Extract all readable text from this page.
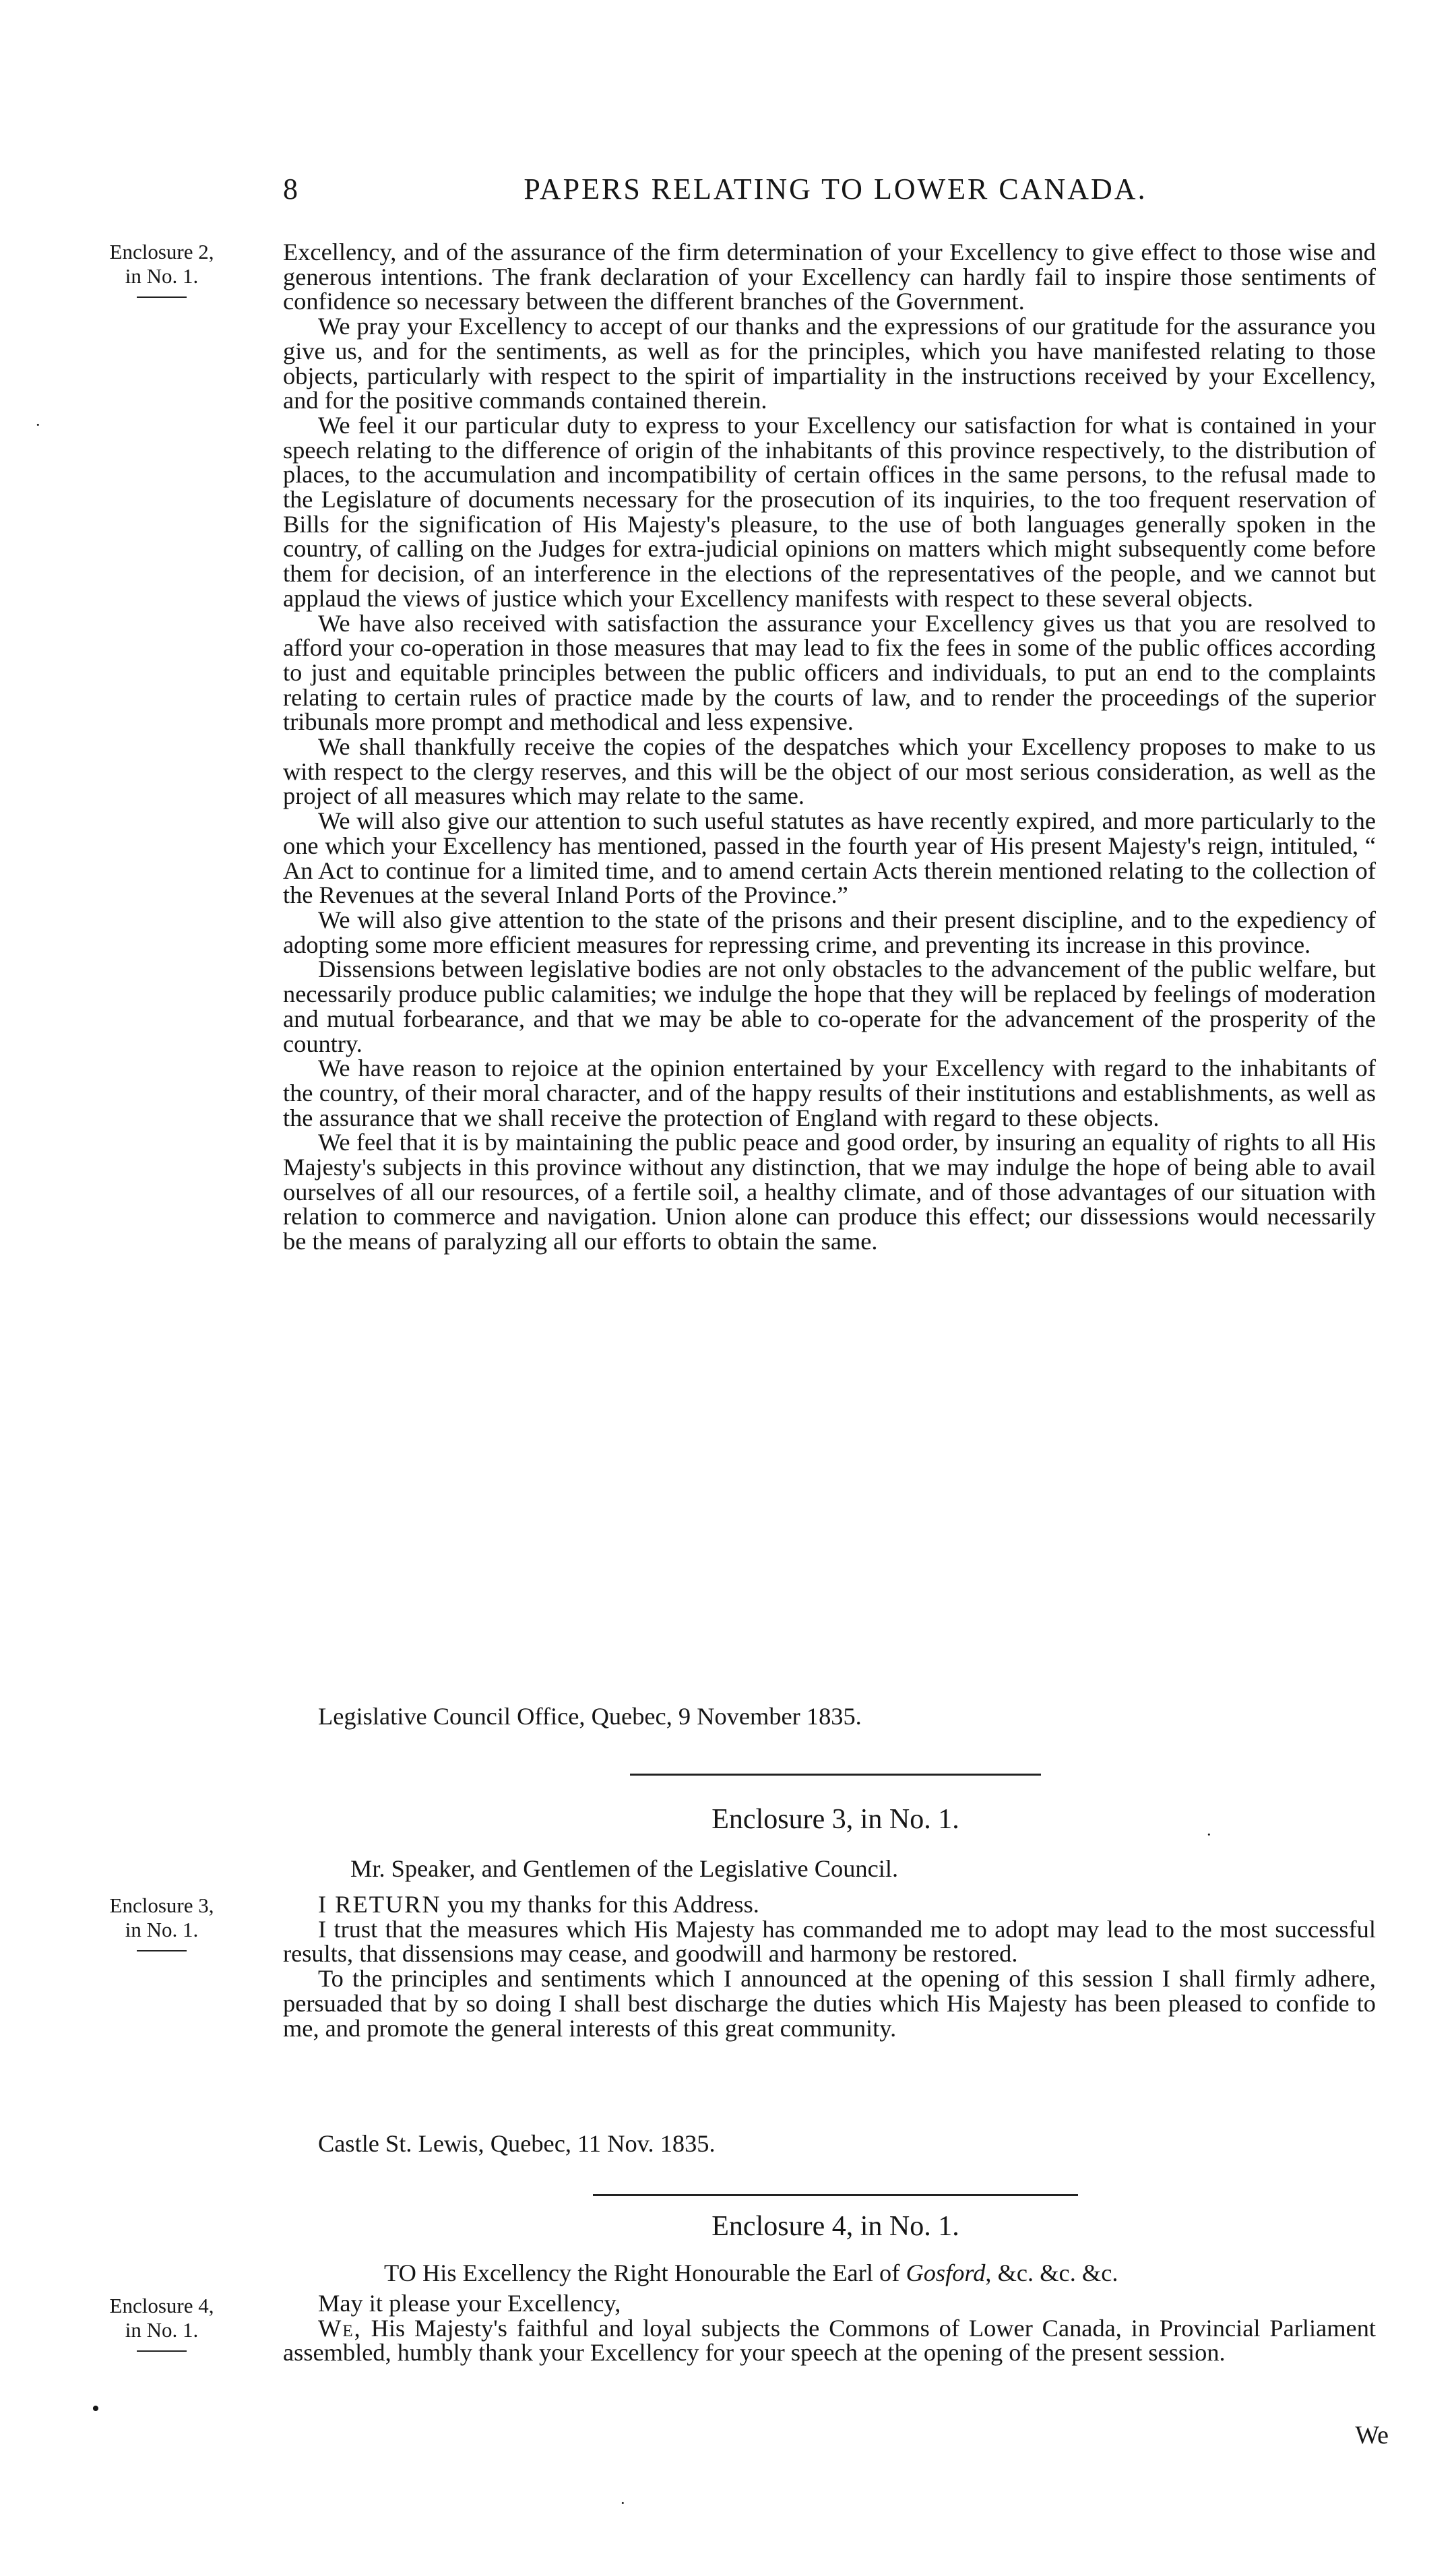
8	PAPERS RELATING TO LOWER CANADA.
Enclosure 2,
in No. 1.

Excellency, and of the assurance of the firm determination of your Excellency to give effect to those wise and generous intentions. The frank declaration of your Excellency can hardly fail to inspire those sentiments of confidence so necessary between the different branches of the Government.

We pray your Excellency to accept of our thanks and the expressions of our gratitude for the assurance you give us, and for the sentiments, as well as for the principles, which you have manifested relating to those objects, particularly with respect to the spirit of impartiality in the instructions received by your Excellency, and for the positive commands contained therein.

We feel it our particular duty to express to your Excellency our satisfaction for what is contained in your speech relating to the difference of origin of the inhabitants of this province respectively, to the distribution of places, to the accumulation and incompatibility of certain offices in the same persons, to the refusal made to the Legislature of documents necessary for the prosecution of its inquiries, to the too frequent reservation of Bills for the signification of His Majesty's pleasure, to the use of both languages generally spoken in the country, of calling on the Judges for extra-judicial opinions on matters which might subsequently come before them for decision, of an interference in the elections of the representatives of the people, and we cannot but applaud the views of justice which your Excellency manifests with respect to these several objects.

We have also received with satisfaction the assurance your Excellency gives us that you are resolved to afford your co-operation in those measures that may lead to fix the fees in some of the public offices according to just and equitable principles between the public officers and individuals, to put an end to the complaints relating to certain rules of practice made by the courts of law, and to render the proceedings of the superior tribunals more prompt and methodical and less expensive.

We shall thankfully receive the copies of the despatches which your Excellency proposes to make to us with respect to the clergy reserves, and this will be the object of our most serious consideration, as well as the project of all measures which may relate to the same.

We will also give our attention to such useful statutes as have recently expired, and more particularly to the one which your Excellency has mentioned, passed in the fourth year of His present Majesty's reign, intituled, “ An Act to continue for a limited time, and to amend certain Acts therein mentioned relating to the collection of the Revenues at the several Inland Ports of the Province.”

We will also give attention to the state of the prisons and their present discipline, and to the expediency of adopting some more efficient measures for repressing crime, and preventing its increase in this province.

Dissensions between legislative bodies are not only obstacles to the advancement of the public welfare, but necessarily produce public calamities; we indulge the hope that they will be replaced by feelings of moderation and mutual forbearance, and that we may be able to co-operate for the advancement of the prosperity of the country.

We have reason to rejoice at the opinion entertained by your Excellency with regard to the inhabitants of the country, of their moral character, and of the happy results of their institutions and establishments, as well as the assurance that we shall receive the protection of England with regard to these objects.

We feel that it is by maintaining the public peace and good order, by insuring an equality of rights to all His Majesty's subjects in this province without any distinction, that we may indulge the hope of being able to avail ourselves of all our resources, of a fertile soil, a healthy climate, and of those advantages of our situation with relation to commerce and navigation. Union alone can produce this effect; our dissessions would necessarily be the means of paralyzing all our efforts to obtain the same.

Legislative Council Office, Quebec, 9 November 1835.
Enclosure 3, in No. 1.
Mr. Speaker, and Gentlemen of the Legislative Council.
Enclosure 3,
in No. 1.

I RETURN you my thanks for this Address.

I trust that the measures which His Majesty has commanded me to adopt may lead to the most successful results, that dissensions may cease, and goodwill and harmony be restored.

To the principles and sentiments which I announced at the opening of this session I shall firmly adhere, persuaded that by so doing I shall best discharge the duties which His Majesty has been pleased to confide to me, and promote the general interests of this great community.

Castle St. Lewis, Quebec, 11 Nov. 1835.
Enclosure 4, in No. 1.
TO His Excellency the Right Honourable the Earl of Gosford, &c. &c. &c.
Enclosure 4,
in No. 1.

May it please your Excellency,

We, His Majesty's faithful and loyal subjects the Commons of Lower Canada, in Provincial Parliament assembled, humbly thank your Excellency for your speech at the opening of the present session.

We
·
·
•
·
